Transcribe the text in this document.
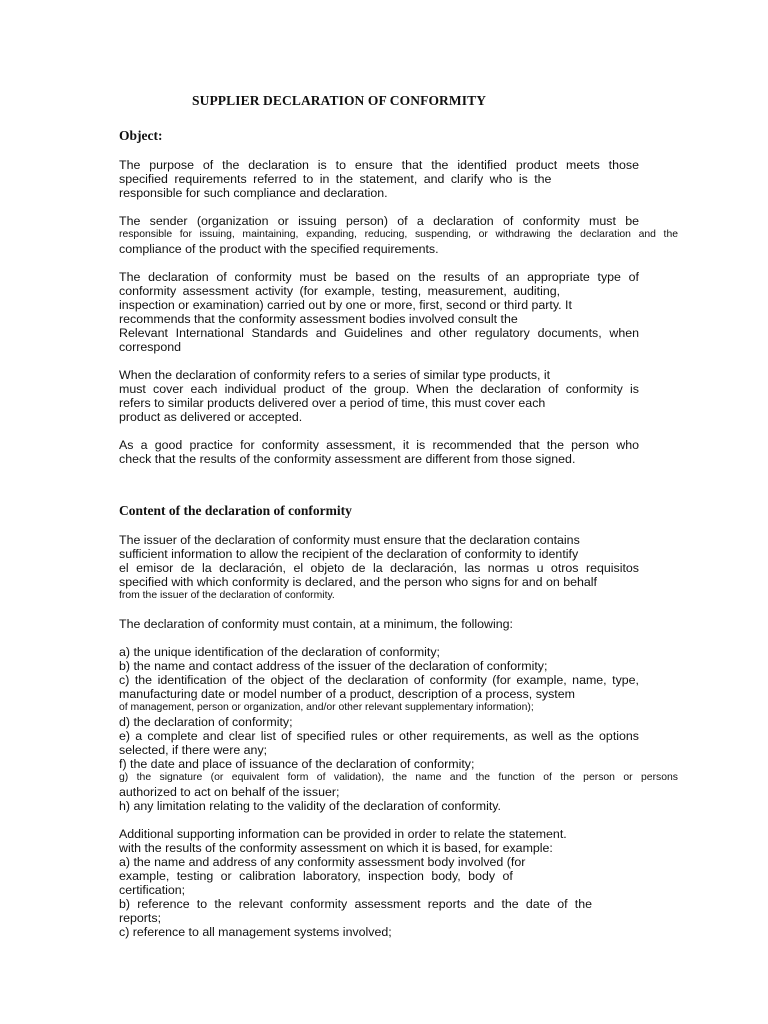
SUPPLIER DECLARATION OF CONFORMITY
Object:
The purpose of the declaration is to ensure that the identified product meets those
specified requirements referred to in the statement, and clarify who is the
responsible for such compliance and declaration.
The sender (organization or issuing person) of a declaration of conformity must be
responsible for issuing, maintaining, expanding, reducing, suspending, or withdrawing the declaration and the
compliance of the product with the specified requirements.
The declaration of conformity must be based on the results of an appropriate type of
conformity assessment activity (for example, testing, measurement, auditing,
inspection or examination) carried out by one or more, first, second or third party. It
recommends that the conformity assessment bodies involved consult the
Relevant International Standards and Guidelines and other regulatory documents, when
correspond
When the declaration of conformity refers to a series of similar type products, it
must cover each individual product of the group. When the declaration of conformity is
refers to similar products delivered over a period of time, this must cover each
product as delivered or accepted.
As a good practice for conformity assessment, it is recommended that the person who
check that the results of the conformity assessment are different from those signed.
Content of the declaration of conformity
The issuer of the declaration of conformity must ensure that the declaration contains
sufficient information to allow the recipient of the declaration of conformity to identify
el emisor de la declaración, el objeto de la declaración, las normas u otros requisitos
specified with which conformity is declared, and the person who signs for and on behalf
from the issuer of the declaration of conformity.
The declaration of conformity must contain, at a minimum, the following:
a) the unique identification of the declaration of conformity;
b) the name and contact address of the issuer of the declaration of conformity;
c) the identification of the object of the declaration of conformity (for example, name, type,
manufacturing date or model number of a product, description of a process, system
of management, person or organization, and/or other relevant supplementary information);
d) the declaration of conformity;
e) a complete and clear list of specified rules or other requirements, as well as the options
selected, if there were any;
f) the date and place of issuance of the declaration of conformity;
g) the signature (or equivalent form of validation), the name and the function of the person or persons
authorized to act on behalf of the issuer;
h) any limitation relating to the validity of the declaration of conformity.
Additional supporting information can be provided in order to relate the statement.
with the results of the conformity assessment on which it is based, for example:
a) the name and address of any conformity assessment body involved (for
example, testing or calibration laboratory, inspection body, body of
certification;
b) reference to the relevant conformity assessment reports and the date of the
reports;
c) reference to all management systems involved;
